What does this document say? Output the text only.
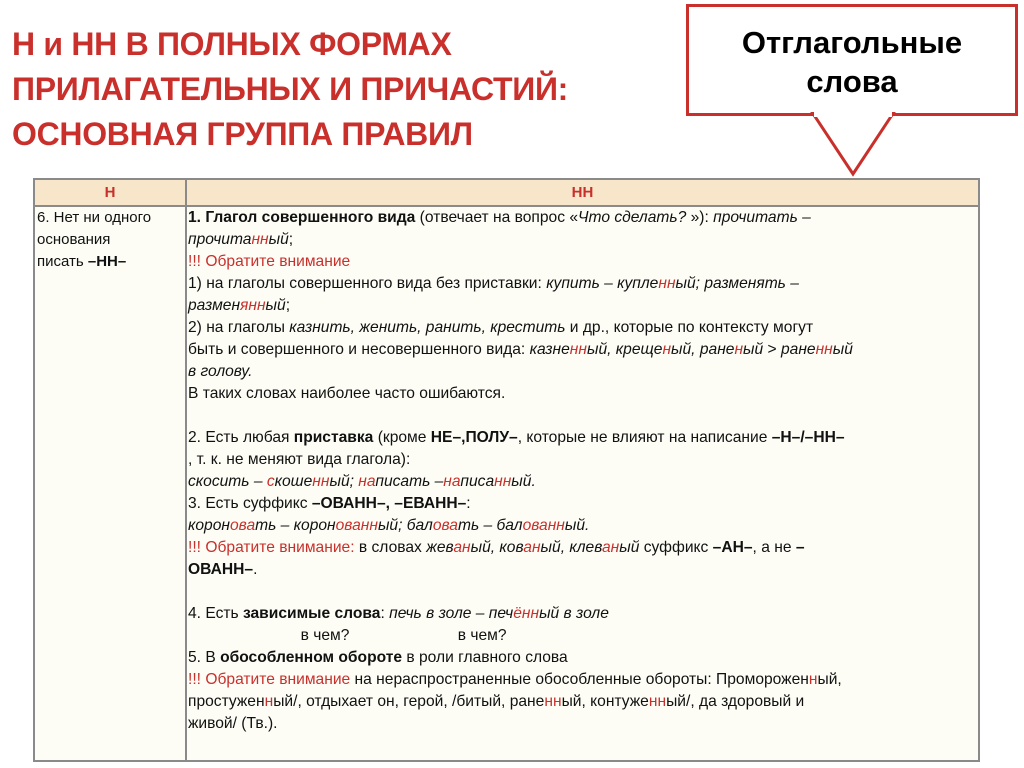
Н и НН В ПОЛНЫХ ФОРМАХ
ПРИЛАГАТЕЛЬНЫХ И ПРИЧАСТИЙ:
ОСНОВНАЯ ГРУППА ПРАВИЛ
Отглагольные
слова
Н	НН
6. Нет ни одного
основания
писать –НН–

1. Глагол совершенного вида (отвечает на вопрос «Что сделать? »): прочитать –

прочитанный;

!!! Обратите внимание

1) на глаголы совершенного вида без приставки: купить – купленный; разменять –

разменянный;

2) на глаголы казнить, женить, ранить, крестить и др., которые по контексту могут

быть и совершенного и несовершенного вида: казненный, крещеный, раненый > раненный

в голову.

В таких словах наиболее часто ошибаются.

2. Есть любая приставка (кроме НЕ–,ПОЛУ–, которые не влияют на написание –Н–/–НН–

, т. к. не меняют вида глагола):

скосить – скошенный; написать –написанный.

3. Есть суффикс –ОВАНН–, –ЕВАНН–:

короновать – коронованный; баловать – балованный.

!!! Обратите внимание: в словах жеваный, кованый, клеваный суффикс –АН–, а не –

ОВАНН–.

4. Есть зависимые слова: печь в золе – печённый в золе

в чем?                         в чем?

5. В обособленном обороте в роли главного слова

!!! Обратите внимание на нераспространенные обособленные обороты: Промороженный,

простуженный/, отдыхает он, герой, /битый, раненный, контуженный/, да здоровый и

живой/ (Тв.).
